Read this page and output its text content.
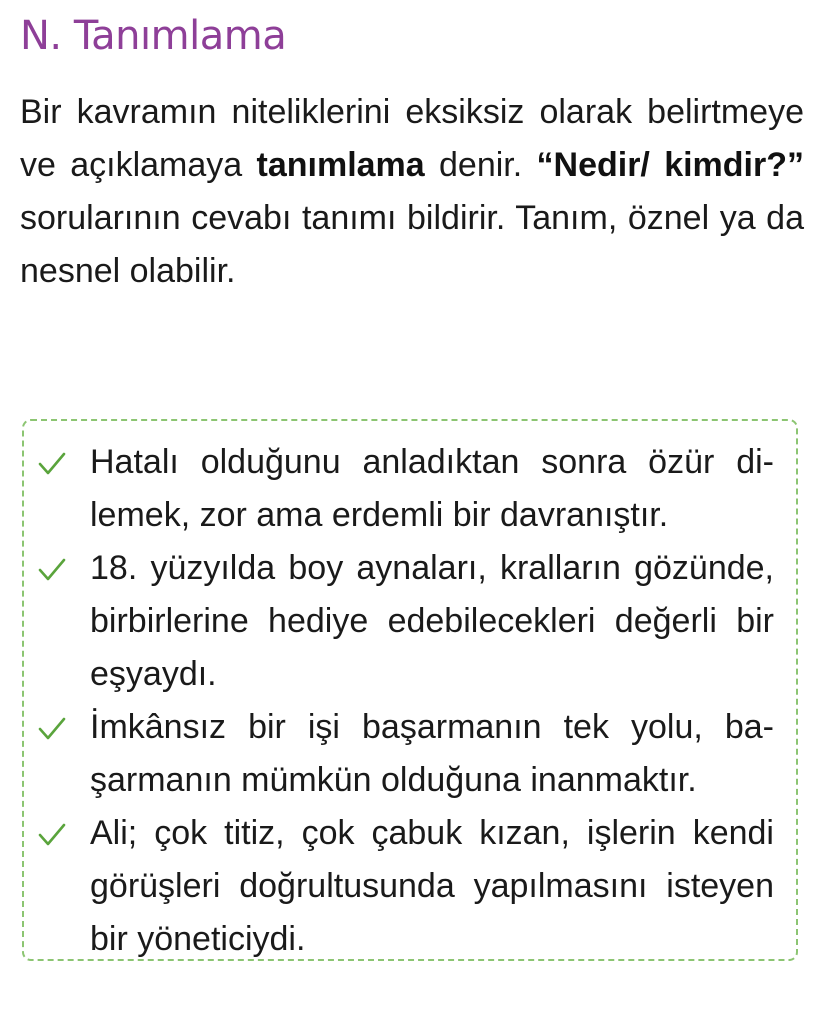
N. Tanımlama

Bir kavramın niteliklerini eksiksiz olarak belirtmeye ve açıklamaya tanımlama denir. “Nedir/ kimdir?” sorularının cevabı tanımı bildirir. Tanım, öznel ya da nesnel olabilir.

Hatalı olduğunu anladıktan sonra özür dilemek, zor ama erdemli bir davranıştır.
18. yüzyılda boy aynaları, kralların gözünde, birbirlerine hediye edebilecekleri değerli bir eşyaydı.
İmkânsız bir işi başarmanın tek yolu, başarmanın mümkün olduğuna inanmaktır.
Ali; çok titiz, çok çabuk kızan, işlerin kendi görüşleri doğrultusunda yapılmasını isteyen bir yöneticiydi.
